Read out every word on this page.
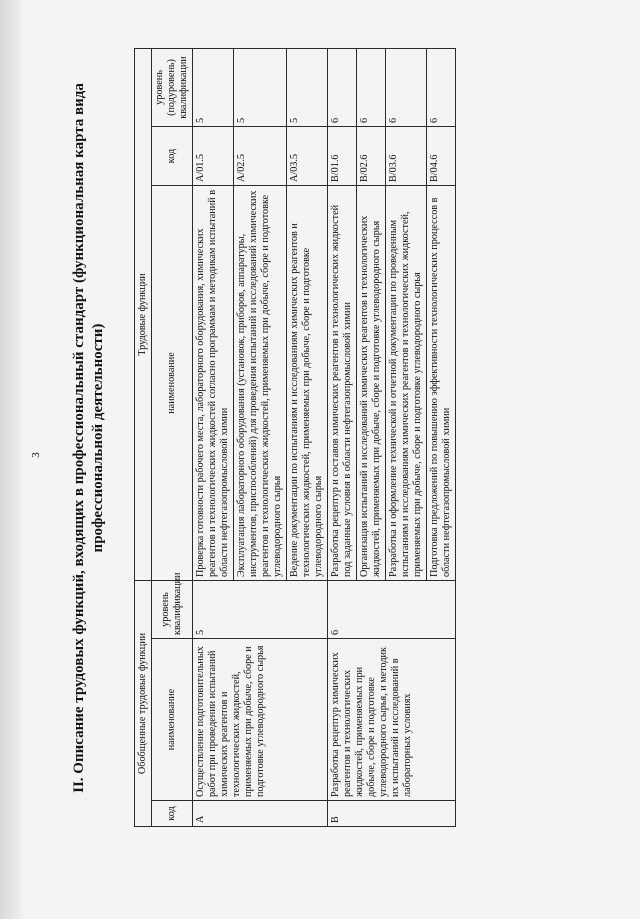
3 II. Описание трудовых функций, входящих в профессиональный стандарт (функциональная карта вида профессиональной деятельности)
Обобщенные трудовые функции			Трудовые функции		
код	наименование	уровень квалификации	наименование	код	уровень (подуровень) квалификации
А	Осуществление подготовительных работ при проведении испытаний химических реагентов и технологических жидкостей, применяемых при добыче, сборе и подготовке углеводородного сырья	5	Проверка готовности рабочего места, лабораторного оборудования, химических реагентов и технологических жидкостей согласно программам и методикам испытаний в области нефтегазопромысловой химии	A/01.5	5
			Эксплуатация лабораторного оборудования (установок, приборов, аппаратуры, инструментов, приспособлений) для проведения испытаний и исследований химических реагентов и технологических жидкостей, применяемых при добыче, сборе и подготовке углеводородного сырья	A/02.5	5
			Ведение документации по испытаниям и исследованиям химических реагентов и технологических жидкостей, применяемых при добыче, сборе и подготовке углеводородного сырья	A/03.5	5
В	Разработка рецептур химических реагентов и технологических жидкостей, применяемых при добыче, сборе и подготовке углеводородного сырья, и методик их испытаний и исследований в лабораторных условиях	6	Разработка рецептур и составов химических реагентов и технологических жидкостей под заданные условия в области нефтегазопромысловой химии	B/01.6	6
			Организация испытаний и исследований химических реагентов и технологических жидкостей, применяемых при добыче, сборе и подготовке углеводородного сырья	B/02.6	6
			Разработка и оформление технической и отчетной документации по проведенным испытаниям и исследованиям химических реагентов и технологических жидкостей, применяемых при добыче, сборе и подготовке углеводородного сырья	B/03.6	6
			Подготовка предложений по повышению эффективности технологических процессов в области нефтегазопромысловой химии	B/04.6	6
